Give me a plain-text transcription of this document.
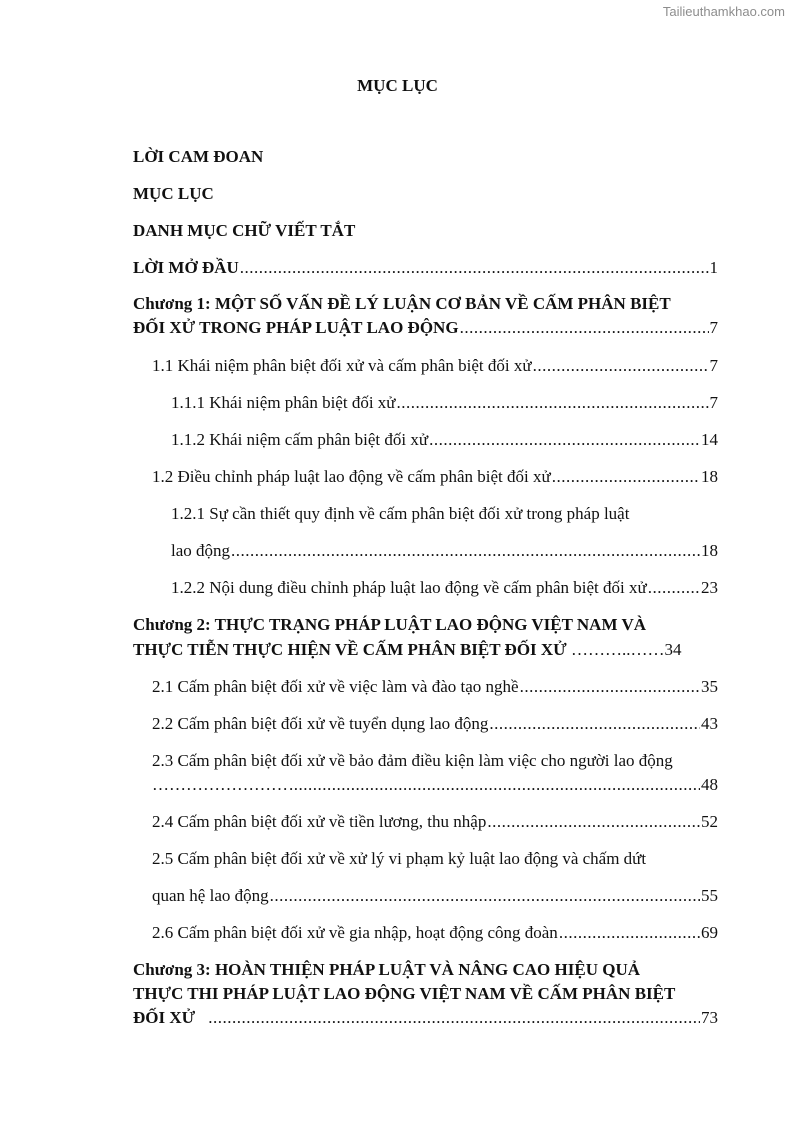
Tailieuthamkhao.com
MỤC LỤC
LỜI CAM ĐOAN
MỤC LỤC
DANH MỤC CHỮ VIẾT TẮT
LỜI MỞ ĐẦU .....	1
Chương 1: MỘT SỐ VẤN ĐỀ LÝ LUẬN CƠ BẢN VỀ CẤM PHÂN BIỆT
ĐỐI XỬ TRONG PHÁP LUẬT LAO ĐỘNG .....	7
1.1 Khái niệm phân biệt đối xử và cấm phân biệt đối xử .....	7
1.1.1 Khái niệm phân biệt đối xử .....	7
1.1.2 Khái niệm cấm phân biệt đối xử .....	14
1.2 Điều chỉnh pháp luật lao động về cấm phân biệt đối xử .....	18
1.2.1 Sự cần thiết quy định về cấm phân biệt đối xử trong pháp luật
lao động .....	18
1.2.2 Nội dung điều chỉnh pháp luật lao động về cấm phân biệt đối xử .....	23
Chương 2: THỰC TRẠNG PHÁP LUẬT LAO ĐỘNG VIỆT NAM VÀ
THỰC TIỄN THỰC HIỆN VỀ CẤM PHÂN BIỆT ĐỐI XỬ ………..……34
2.1 Cấm phân biệt đối xử về việc làm và đào tạo nghề .....	35
2.2 Cấm phân biệt đối xử về tuyển dụng lao động .....	43
2.3 Cấm phân biệt đối xử về bảo đảm điều kiện làm việc cho người lao động
…………………… .....	48
2.4 Cấm phân biệt đối xử về tiền lương, thu nhập .....	52
2.5 Cấm phân biệt đối xử về xử lý vi phạm kỷ luật lao động và chấm dứt
quan hệ lao động .....	55
2.6 Cấm phân biệt đối xử về gia nhập, hoạt động công đoàn .....	69
Chương 3: HOÀN THIỆN PHÁP LUẬT VÀ NÂNG CAO HIỆU QUẢ
THỰC THI PHÁP LUẬT LAO ĐỘNG VIỆT NAM VỀ CẤM PHÂN BIỆT
ĐỐI XỬ .....	73
